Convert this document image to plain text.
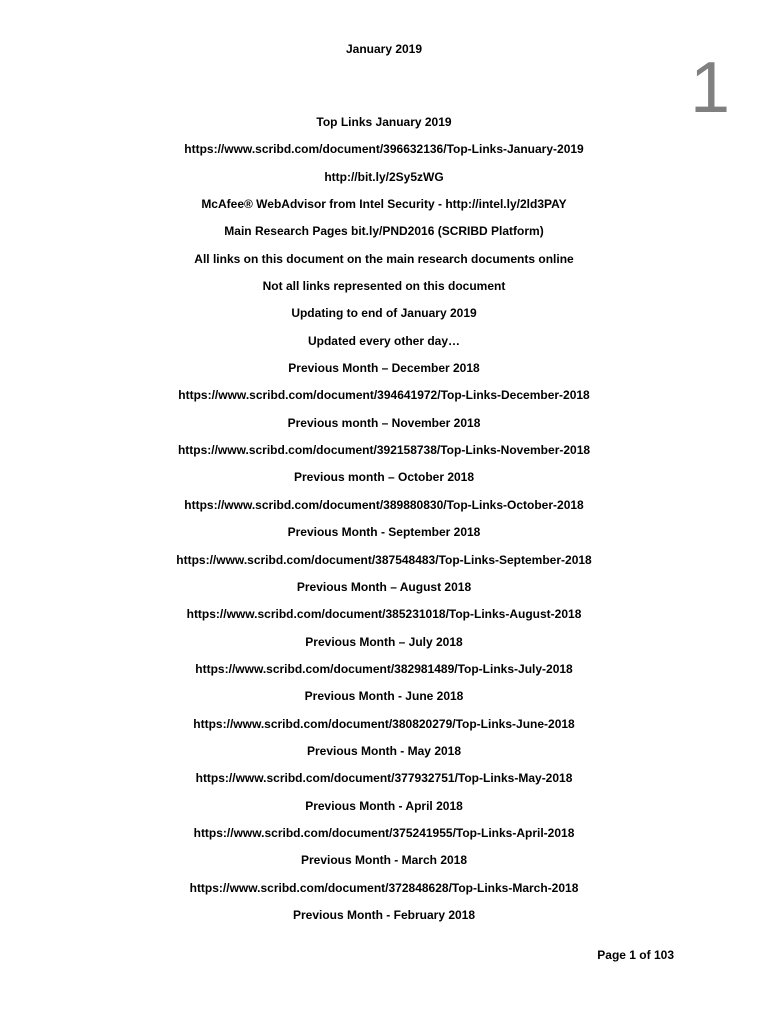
January 2019	1
Top Links January 2019
https://www.scribd.com/document/396632136/Top-Links-January-2019
http://bit.ly/2Sy5zWG
McAfee® WebAdvisor from Intel Security - http://intel.ly/2ld3PAY
Main Research Pages bit.ly/PND2016 (SCRIBD Platform)
All links on this document on the main research documents online
Not all links represented on this document
Updating to end of January 2019
Updated every other day…
Previous Month – December 2018
https://www.scribd.com/document/394641972/Top-Links-December-2018
Previous month – November 2018
https://www.scribd.com/document/392158738/Top-Links-November-2018
Previous month – October 2018
https://www.scribd.com/document/389880830/Top-Links-October-2018
Previous Month - September 2018
https://www.scribd.com/document/387548483/Top-Links-September-2018
Previous Month – August 2018
https://www.scribd.com/document/385231018/Top-Links-August-2018
Previous Month – July 2018
https://www.scribd.com/document/382981489/Top-Links-July-2018
Previous Month - June 2018
https://www.scribd.com/document/380820279/Top-Links-June-2018
Previous Month - May 2018
https://www.scribd.com/document/377932751/Top-Links-May-2018
Previous Month - April 2018
https://www.scribd.com/document/375241955/Top-Links-April-2018
Previous Month - March 2018
https://www.scribd.com/document/372848628/Top-Links-March-2018
Previous Month - February 2018
Page 1 of 103
